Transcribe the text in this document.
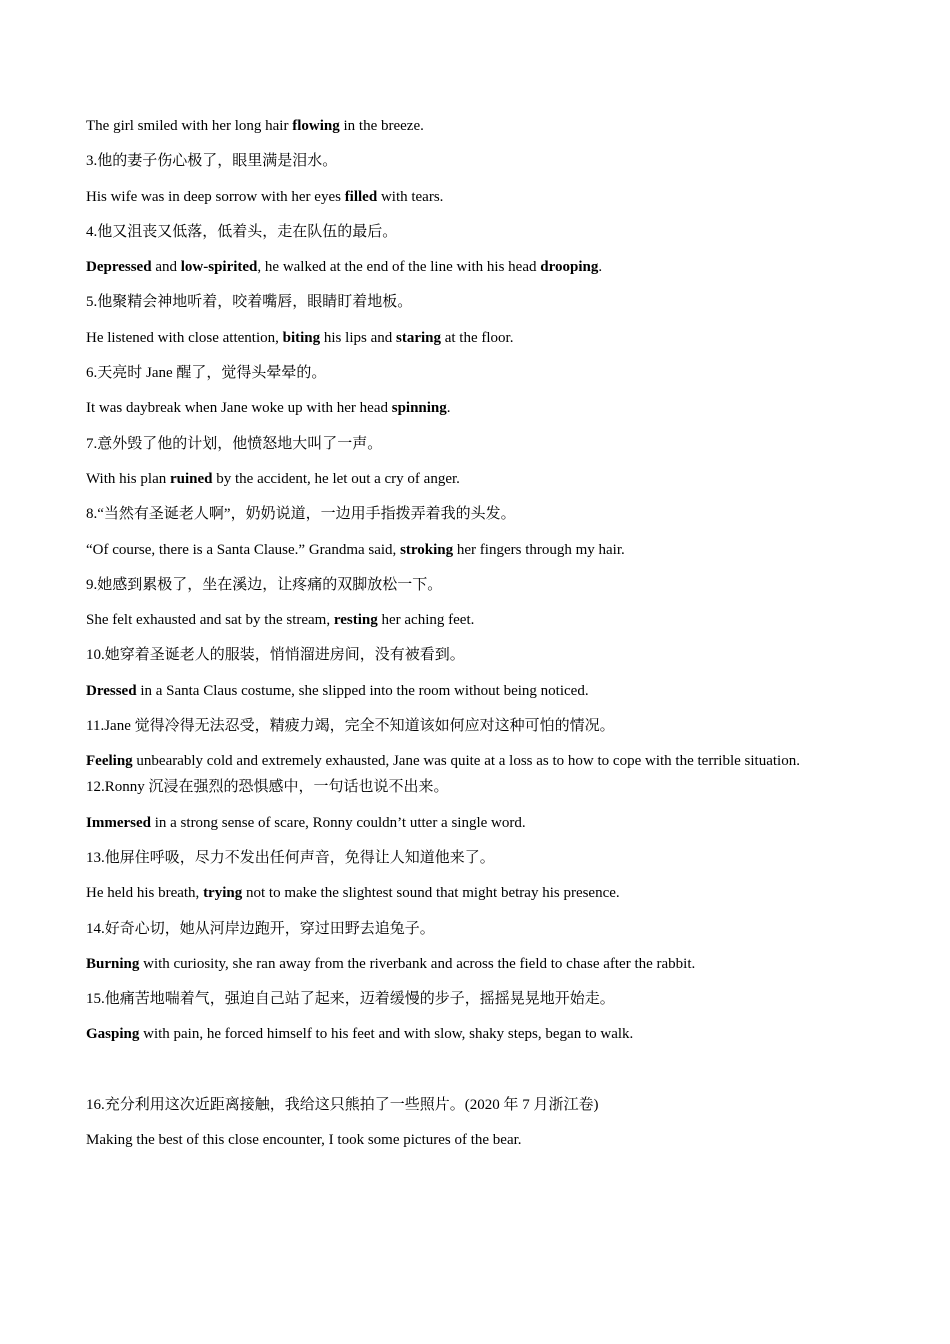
The girl smiled with her long hair flowing in the breeze.
3.他的妻子伤心极了，眼里满是泪水。
His wife was in deep sorrow with her eyes filled with tears.
4.他又沮丧又低落，低着头，走在队伍的最后。
Depressed and low-spirited, he walked at the end of the line with his head drooping.
5.他聚精会神地听着，咬着嘴唇，眼睛盯着地板。
He listened with close attention, biting his lips and staring at the floor.
6.天亮时 Jane 醒了，觉得头晕晕的。
It was daybreak when Jane woke up with her head spinning.
7.意外毁了他的计划，他愤怒地大叫了一声。
With his plan ruined by the accident, he let out a cry of anger.
8.“当然有圣诞老人啊”，奶奶说道，一边用手指拨弄着我的头发。
“Of course, there is a Santa Clause.” Grandma said, stroking her fingers through my hair.
9.她感到累极了，坐在溪边，让疼痛的双脚放松一下。
She felt exhausted and sat by the stream, resting her aching feet.
10.她穿着圣诞老人的服装，悄悄溜进房间，没有被看到。
Dressed in a Santa Claus costume, she slipped into the room without being noticed.
11.Jane 觉得冷得无法忍受，精疲力竭，完全不知道该如何应对这种可怕的情况。
Feeling unbearably cold and extremely exhausted, Jane was quite at a loss as to how to cope with the terrible situation.
12.Ronny 沉浸在强烈的恐惧感中，一句话也说不出来。
Immersed in a strong sense of scare, Ronny couldn’t utter a single word.
13.他屏住呼吸，尽力不发出任何声音，免得让人知道他来了。
He held his breath, trying not to make the slightest sound that might betray his presence.
14.好奇心切，她从河岸边跑开，穿过田野去追兔子。
Burning with curiosity, she ran away from the riverbank and across the field to chase after the rabbit.
15.他痛苦地喘着气，强迫自己站了起来，迈着缓慢的步子，摇摇晃晃地开始走。
Gasping with pain, he forced himself to his feet and with slow, shaky steps, began to walk.
16.充分利用这次近距离接触，我给这只熊拍了一些照片。(2020 年 7 月浙江卷)
Making the best of this close encounter, I took some pictures of the bear.
